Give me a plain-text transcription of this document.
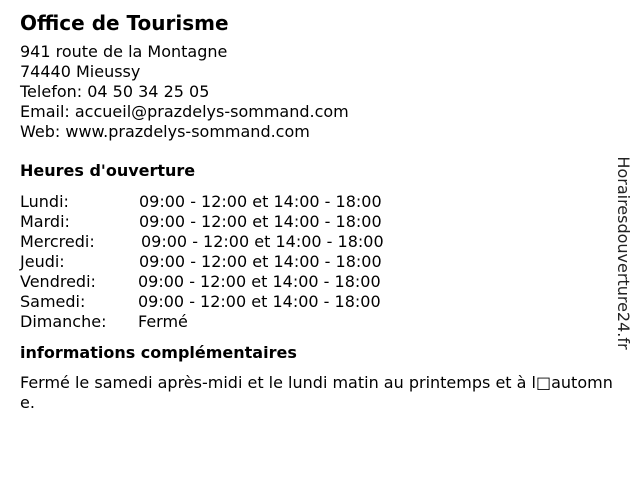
Office de Tourisme
941 route de la Montagne
74440 Mieussy
Telefon: 04 50 34 25 05
Email: accueil@prazdelys-sommand.com
Web: www.prazdelys-sommand.com
Heures d'ouverture
Lundi:	09:00 - 12:00 et 14:00 - 18:00
Mardi:	09:00 - 12:00 et 14:00 - 18:00
Mercredi:	09:00 - 12:00 et 14:00 - 18:00
Jeudi:	09:00 - 12:00 et 14:00 - 18:00
Vendredi:	09:00 - 12:00 et 14:00 - 18:00
Samedi:	09:00 - 12:00 et 14:00 - 18:00
Dimanche: Fermé
informations complémentaires
Fermé le samedi après-midi et le lundi matin au printemps et à l□automne.
Horairesdouverture24.fr
